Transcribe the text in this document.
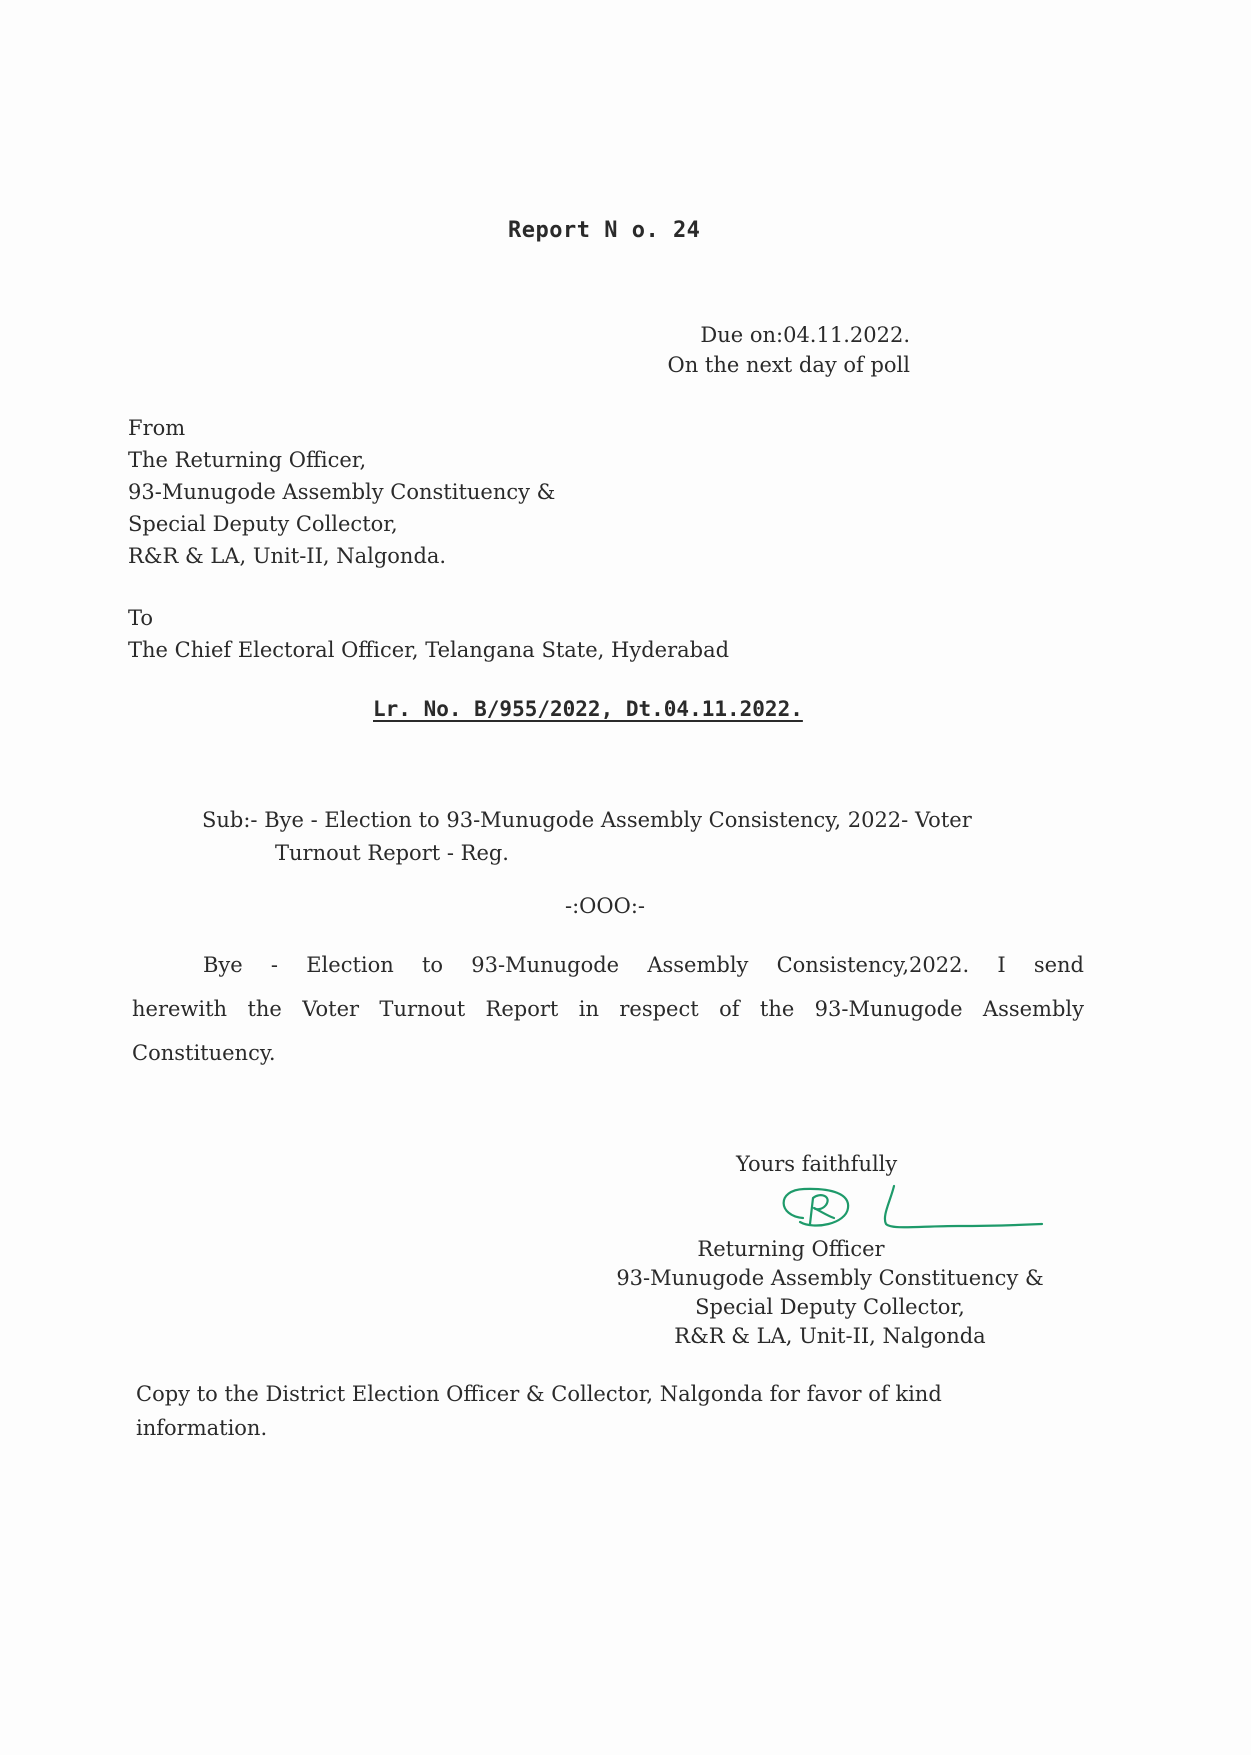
Report N o. 24
Due on:04.11.2022.
On the next day of poll
From
The Returning Officer,
93-Munugode Assembly Constituency &
Special Deputy Collector,
R&R & LA, Unit-II, Nalgonda.
To
The Chief Electoral Officer, Telangana State, Hyderabad
Lr. No. B/955/2022, Dt.04.11.2022.
Sub:- Bye - Election to 93-Munugode Assembly Consistency, 2022- Voter
Turnout Report - Reg.
-:OOO:-
Bye - Election to 93-Munugode Assembly Consistency,2022. I send
herewith the Voter Turnout Report in respect of the 93-Munugode Assembly
Constituency.
Yours faithfully
Returning Officer
93-Munugode Assembly Constituency &
Special Deputy Collector,
R&R & LA, Unit-II, Nalgonda
Copy to the District Election Officer & Collector, Nalgonda for favor of kind information.
